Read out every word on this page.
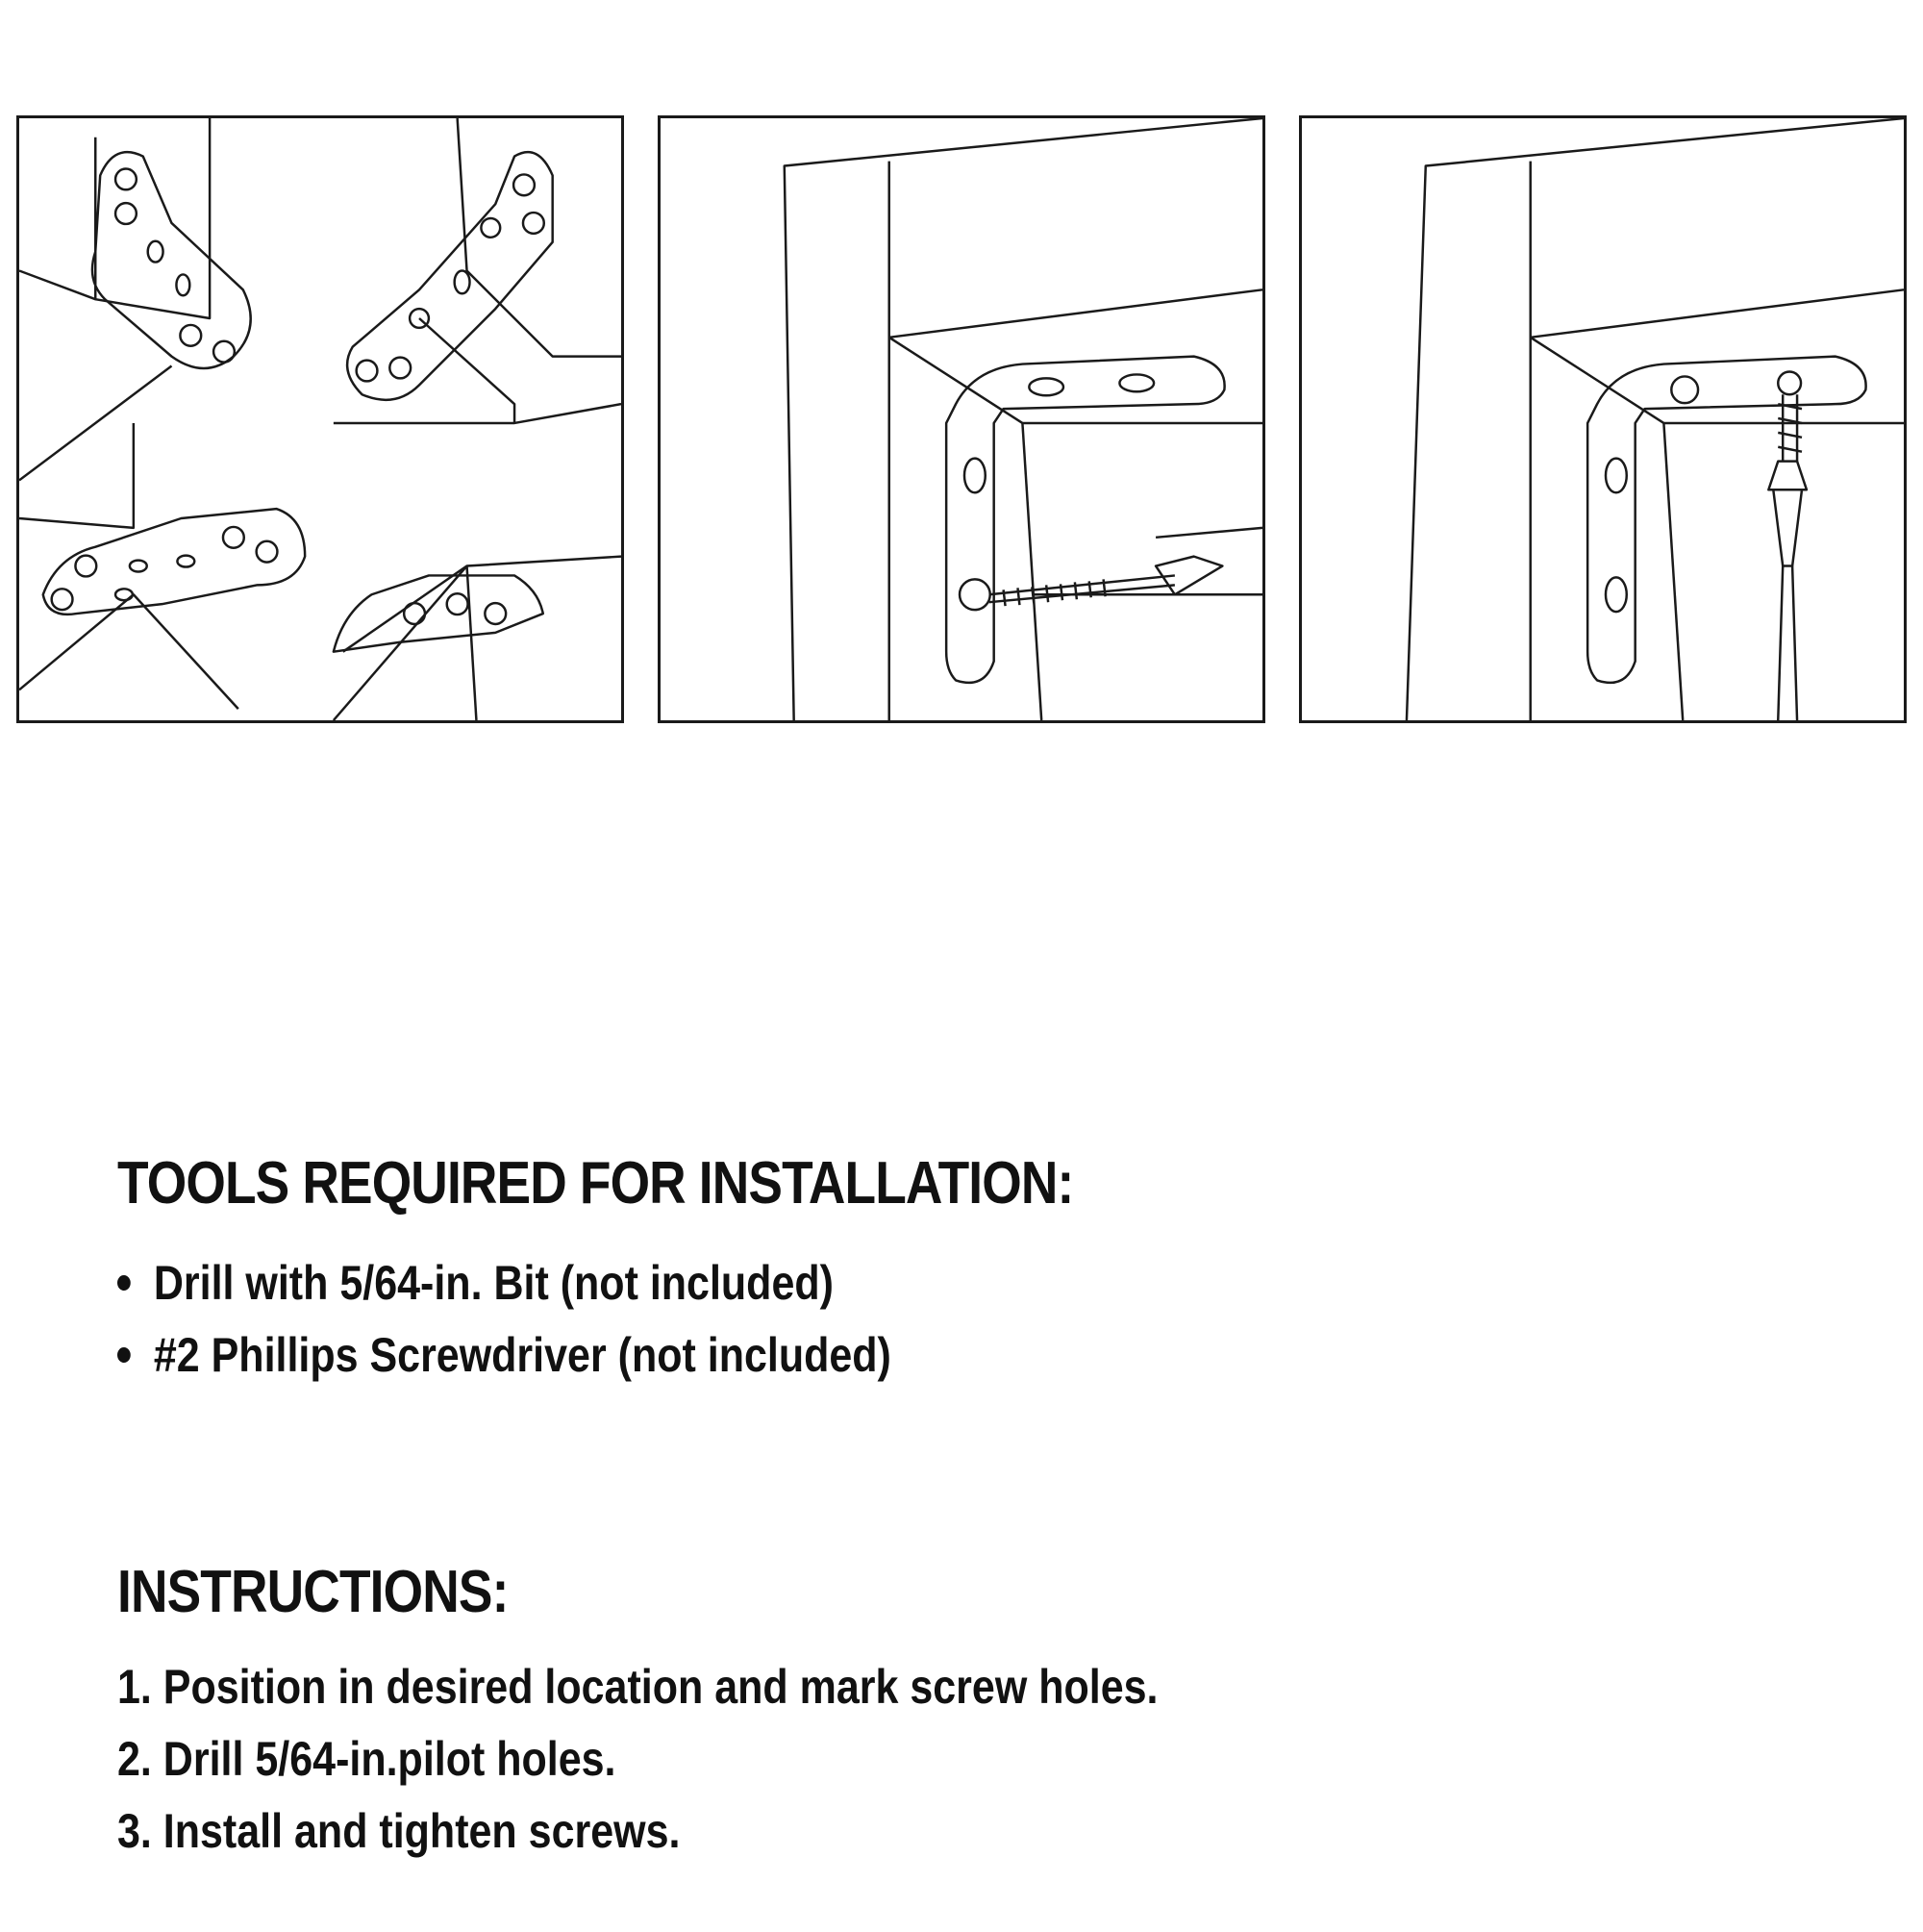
TOOLS REQUIRED FOR INSTALLATION:
Drill with 5/64-in. Bit (not included)
#2 Phillips Screwdriver (not included)
INSTRUCTIONS:
1. Position in desired location and mark screw holes.
2. Drill 5/64-in.pilot holes.
3. Install and tighten screws.
